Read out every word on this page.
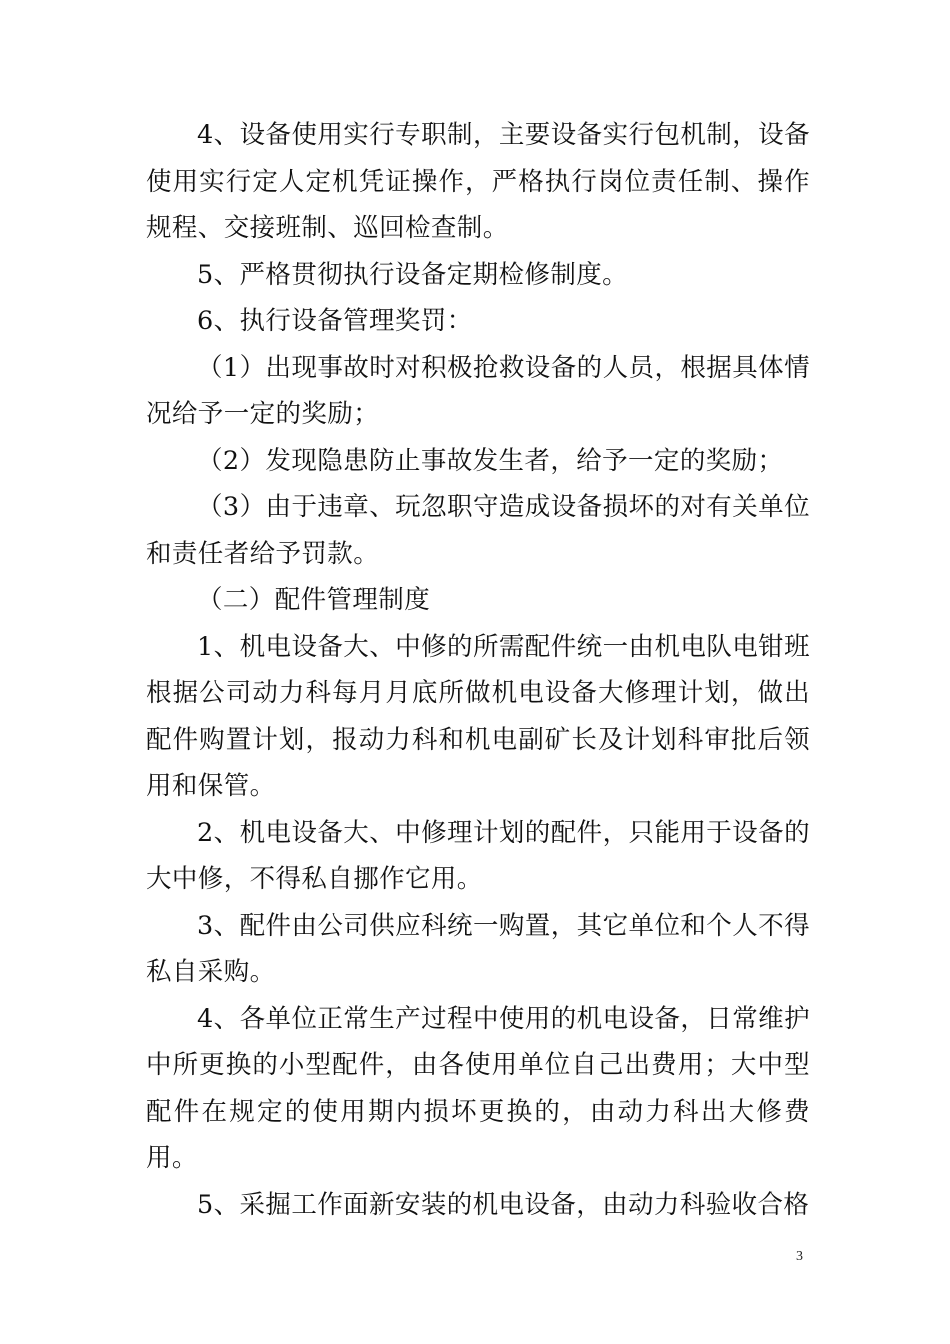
4、设备使用实行专职制，主要设备实行包机制，设备使用实行定人定机凭证操作，严格执行岗位责任制、操作规程、交接班制、巡回检查制。

5、严格贯彻执行设备定期检修制度。

6、执行设备管理奖罚：

（1）出现事故时对积极抢救设备的人员，根据具体情况给予一定的奖励；

（2）发现隐患防止事故发生者，给予一定的奖励；

（3）由于违章、玩忽职守造成设备损坏的对有关单位和责任者给予罚款。

（二）配件管理制度

1、机电设备大、中修的所需配件统一由机电队电钳班根据公司动力科每月月底所做机电设备大修理计划，做出配件购置计划，报动力科和机电副矿长及计划科审批后领用和保管。

2、机电设备大、中修理计划的配件，只能用于设备的大中修，不得私自挪作它用。

3、配件由公司供应科统一购置，其它单位和个人不得私自采购。

4、各单位正常生产过程中使用的机电设备，日常维护中所更换的小型配件，由各使用单位自己出费用；大中型配件在规定的使用期内损坏更换的，由动力科出大修费用。

5、采掘工作面新安装的机电设备，由动力科验收合格

3
